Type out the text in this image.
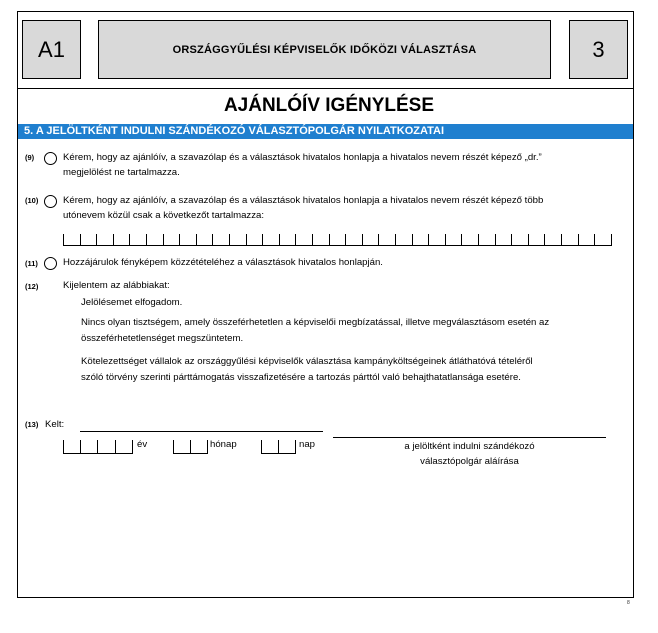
A1	ORSZÁGGYŰLÉSI KÉPVISELŐK IDŐKÖZI VÁLASZTÁSA	3
AJÁNLÓÍV IGÉNYLÉSE
5. A JELÖLTKÉNT INDULNI SZÁNDÉKOZÓ VÁLASZTÓPOLGÁR NYILATKOZATAI
(9)	Kérem, hogy az ajánlóív, a szavazólap és a választások hivatalos honlapja a hivatalos nevem részét képező „dr.”
megjelölést ne tartalmazza.
(10)	Kérem, hogy az ajánlóív, a szavazólap és a választások hivatalos honlapja a hivatalos nevem részét képező több
utónevem közül csak a következőt tartalmazza:
(11)	Hozzájárulok fényképem közzétételéhez a választások hivatalos honlapján.
(12)	Kijelentem az alábbiakat:
Jelölésemet elfogadom.
Nincs olyan tisztségem, amely összeférhetetlen a képviselői megbízatással, illetve megválasztásom esetén az
összeférhetetlenséget megszüntetem.
Kötelezettséget vállalok az országgyűlési képviselők választása kampányköltségeinek átláthatóvá tételéről
szóló törvény szerinti párttámogatás visszafizetésére a tartozás párttól való behajthatatlansága esetére.
(13) Kelt:
év	hónap	nap	a jelöltként indulni szándékozó
választópolgár aláírása
8
